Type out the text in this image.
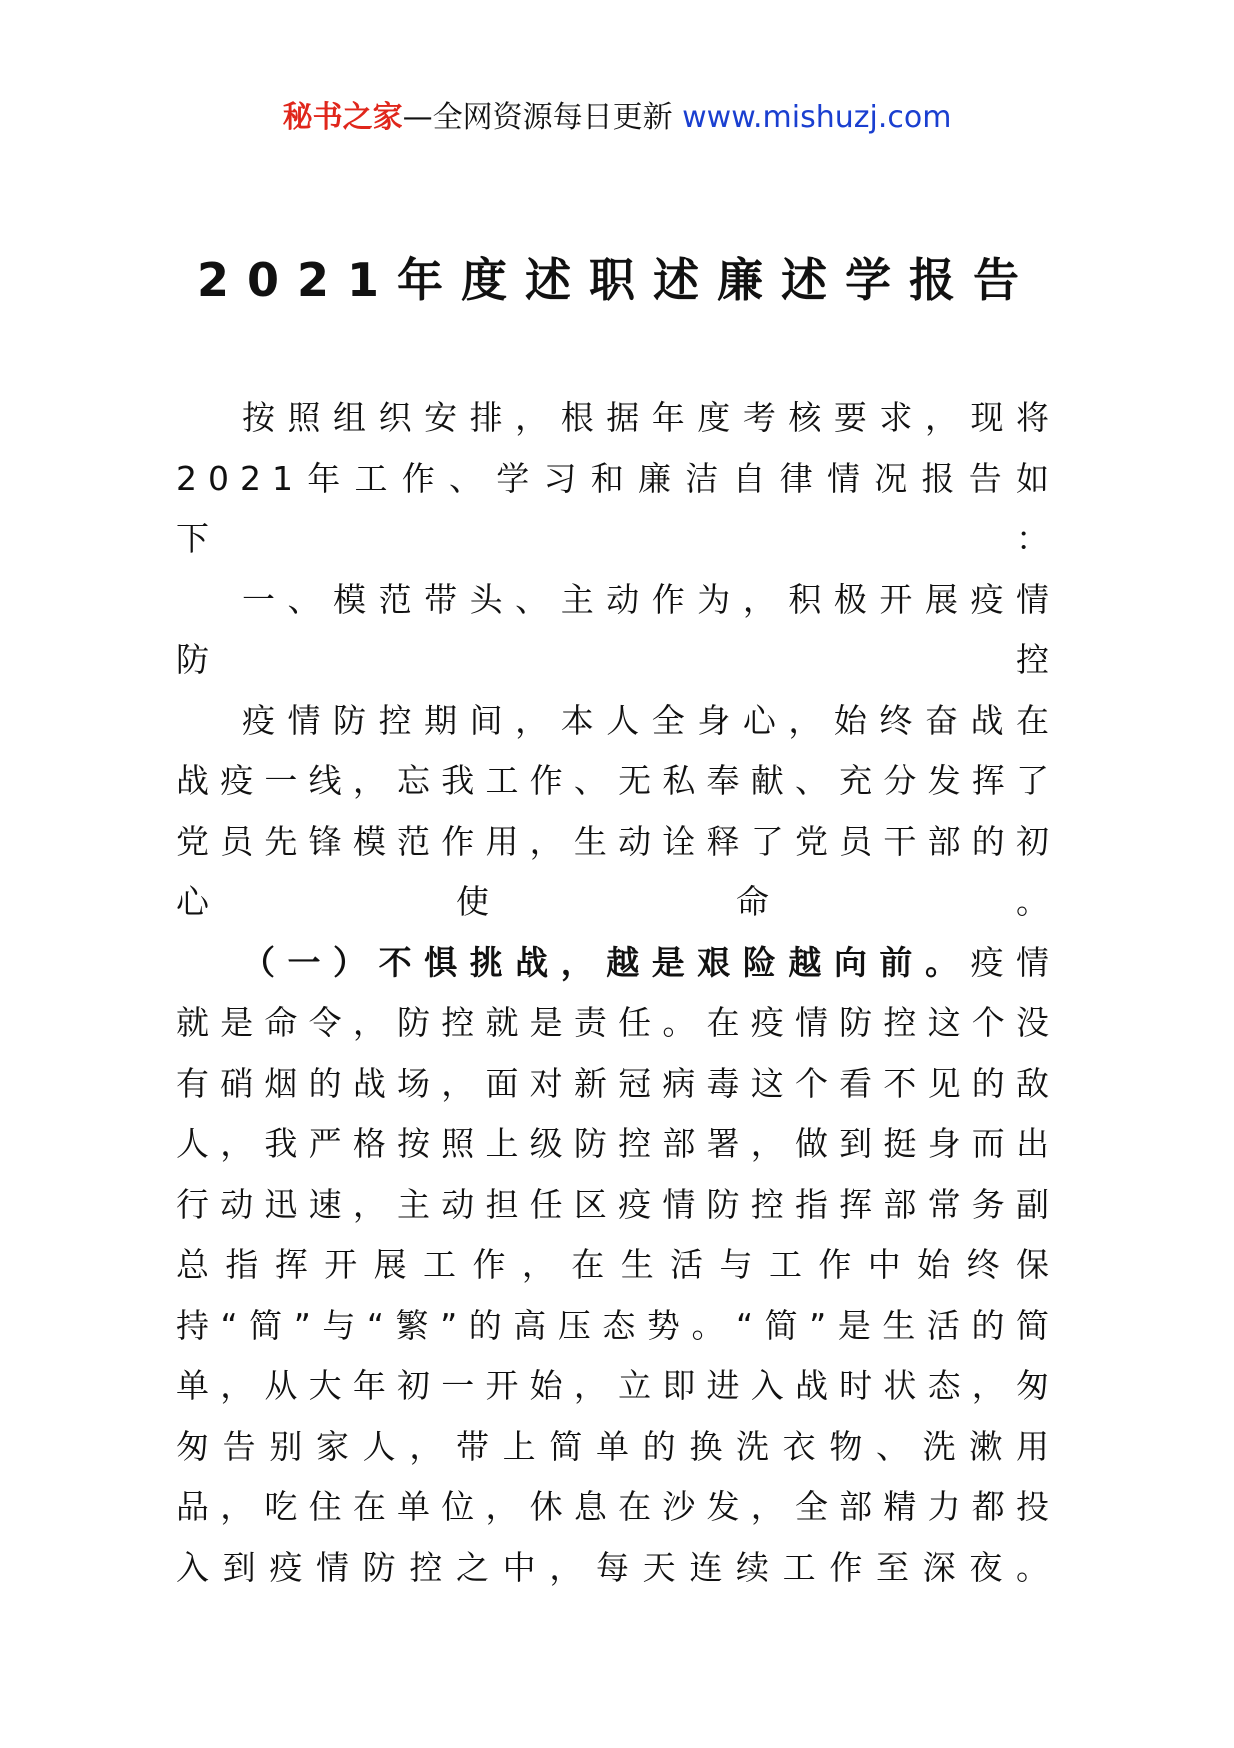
秘书之家—全网资源每日更新 www.mishuzj.com
2021年度述职述廉述学报告

按照组织安排，根据年度考核要求，现将2021年工作、学习和廉洁自律情况报告如下：

一、模范带头、主动作为，积极开展疫情防控

疫情防控期间，本人全身心，始终奋战在战疫一线，忘我工作、无私奉献、充分发挥了党员先锋模范作用，生动诠释了党员干部的初心使命。

（一）不惧挑战，越是艰险越向前。疫情就是命令，防控就是责任。在疫情防控这个没有硝烟的战场，面对新冠病毒这个看不见的敌人，我严格按照上级防控部署，做到挺身而出行动迅速，主动担任区疫情防控指挥部常务副总指挥开展工作，在生活与工作中始终保持“简”与“繁”的高压态势。“简”是生活的简单，从大年初一开始，立即进入战时状态，匆匆告别家人，带上简单的换洗衣物、洗漱用品，吃住在单位，休息在沙发，全部精力都投入到疫情防控之中，每天连续工作至深夜。
